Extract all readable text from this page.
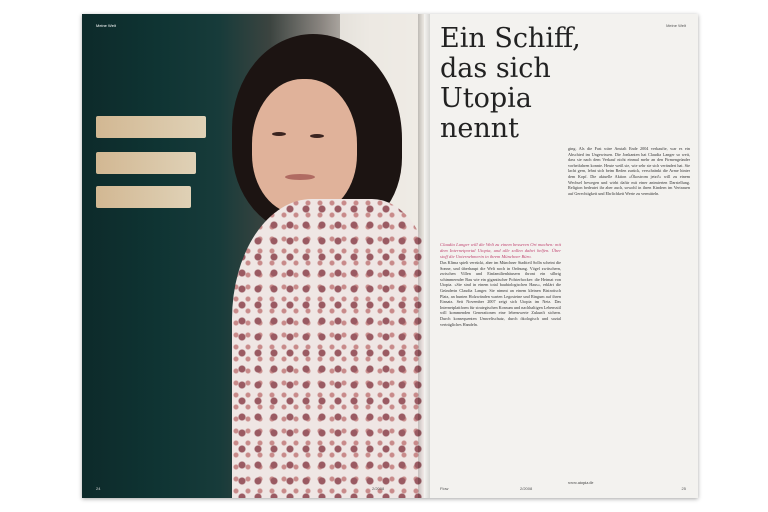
Meine Welt
24	2/2008
Meine Welt
Ein Schiff,
das sich
Utopia
nennt

ging. Als die Fast wäre Anstalt Ende 2004 verkaufte, war es ein Abschied im Ungewissen. Die Jonkanten hat Claudia Langer so weit, dass sie nach dem Verkauf nicht einmal mehr an den Firmengründer vorbeifahren konnte. Heute weiß sie, wie sehr sie sich verändert hat. Sie lacht gern, lehnt sich beim Reden zurück, verschränkt die Arme hinter dem Kopf. Die aktuelle Aktion »Ökostrom jetzt!« will zu einem Wechsel bewegen und wirbt dafür mit einer animierten Darstellung. Religion bedeutet ihr aber auch, sowohl in ihren Kindern im Vertrauen auf Gerechtigkeit und Ehrlichkeit Werte zu vermitteln.

Claudia Langer will die Welt zu einem besseren Ort machen: mit dem Internetportal Utopia, und alle sollen dabei helfen. Über stoff die Unternehmerin in ihrem Münchner Büro.

Das Klima spielt verrückt, aber im Münchner Stadtteil Solln scheint die Sonne, und überhaupt die Welt noch in Ordnung. Vögel zwitschern, zwischen Villen und Einfamilienhäusern thront ein silbrig schimmernder Bau wie ein gigantischer Polsterhocker: die Heimat von Utopia. »Sie sind in einem total baubiologischen Haus«, erklärt die Gründerin Claudia Langer. Sie nimmt an einem kleinen Bistrotisch Platz, an bunten Holzwänden warten Legosteine und Ringum auf ihren Einsatz. Seit November 2007 zeigt sich Utopia im Netz. Das Internetplattform für strategischen Konsum und nachhaltigen Lebensstil will kommenden Generationen eine lebenswerte Zukunft sichern. Durch konsequenten Umweltschutz, durch ökologisch und sozial verträgliches Handeln.

www.utopia.de
Flow	2/2008	25
